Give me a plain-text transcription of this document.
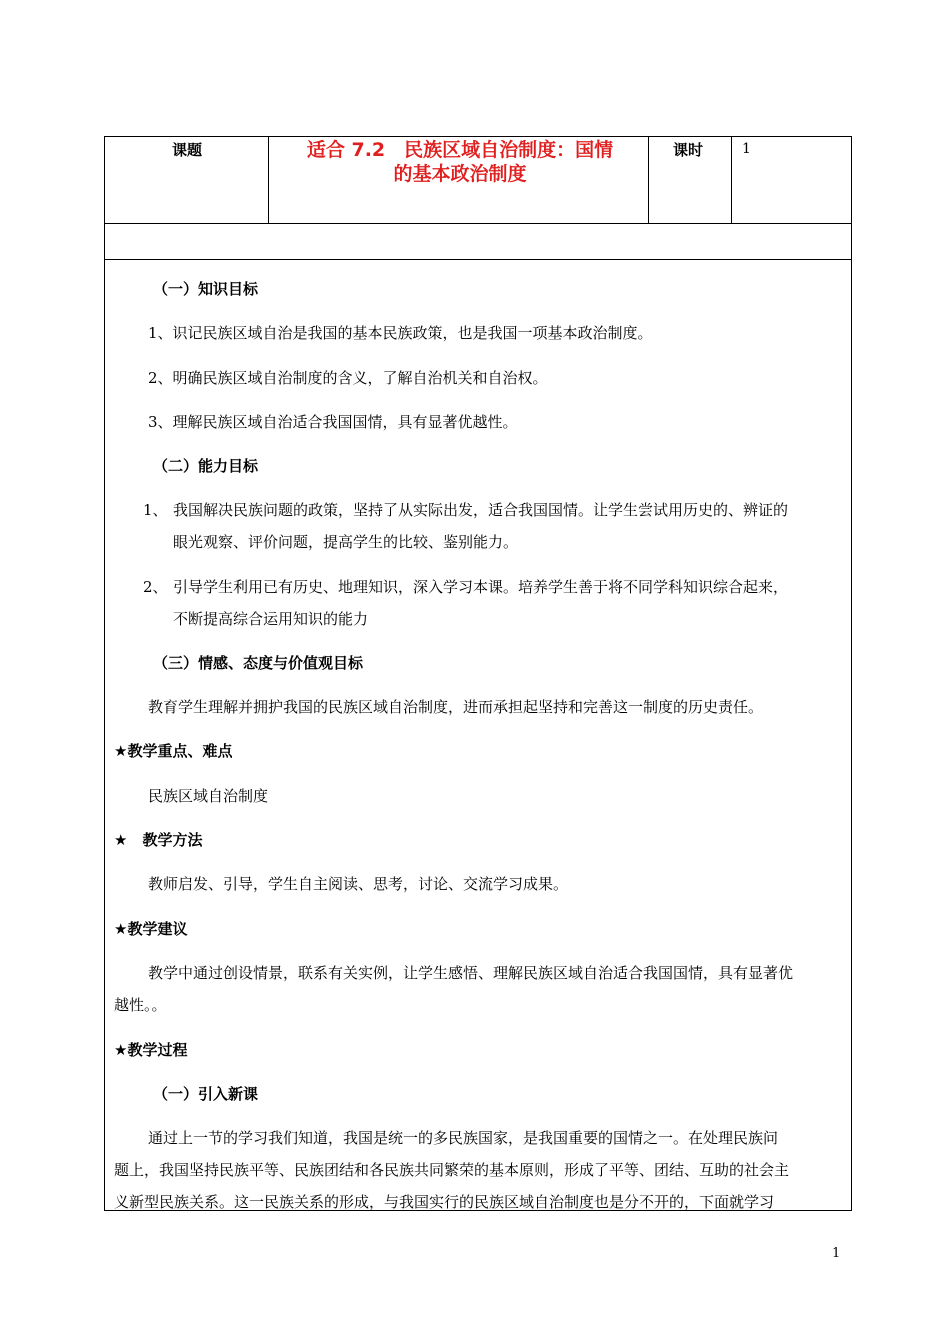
课题	适合 7.2　民族区域自治制度：国情
的基本政治制度
课时	1
（一）知识目标
1、识记民族区域自治是我国的基本民族政策，也是我国一项基本政治制度。
2、明确民族区域自治制度的含义，了解自治机关和自治权。
3、理解民族区域自治适合我国国情，具有显著优越性。
（二）能力目标
1、 我国解决民族问题的政策，坚持了从实际出发，适合我国国情。让学生尝试用历史的、辨证的
眼光观察、评价问题，提高学生的比较、鉴别能力。
2、 引导学生利用已有历史、地理知识，深入学习本课。培养学生善于将不同学科知识综合起来，
不断提高综合运用知识的能力
（三）情感、态度与价值观目标
教育学生理解并拥护我国的民族区域自治制度，进而承担起坚持和完善这一制度的历史责任。
★教学重点、难点
民族区域自治制度
★　教学方法
教师启发、引导，学生自主阅读、思考，讨论、交流学习成果。
★教学建议
教学中通过创设情景，联系有关实例，让学生感悟、理解民族区域自治适合我国国情，具有显著优
越性。。
★教学过程
（一）引入新课
通过上一节的学习我们知道，我国是统一的多民族国家，是我国重要的国情之一。在处理民族问
题上，我国坚持民族平等、民族团结和各民族共同繁荣的基本原则，形成了平等、团结、互助的社会主
义新型民族关系。这一民族关系的形成，与我国实行的民族区域自治制度也是分不开的，下面就学习
1
